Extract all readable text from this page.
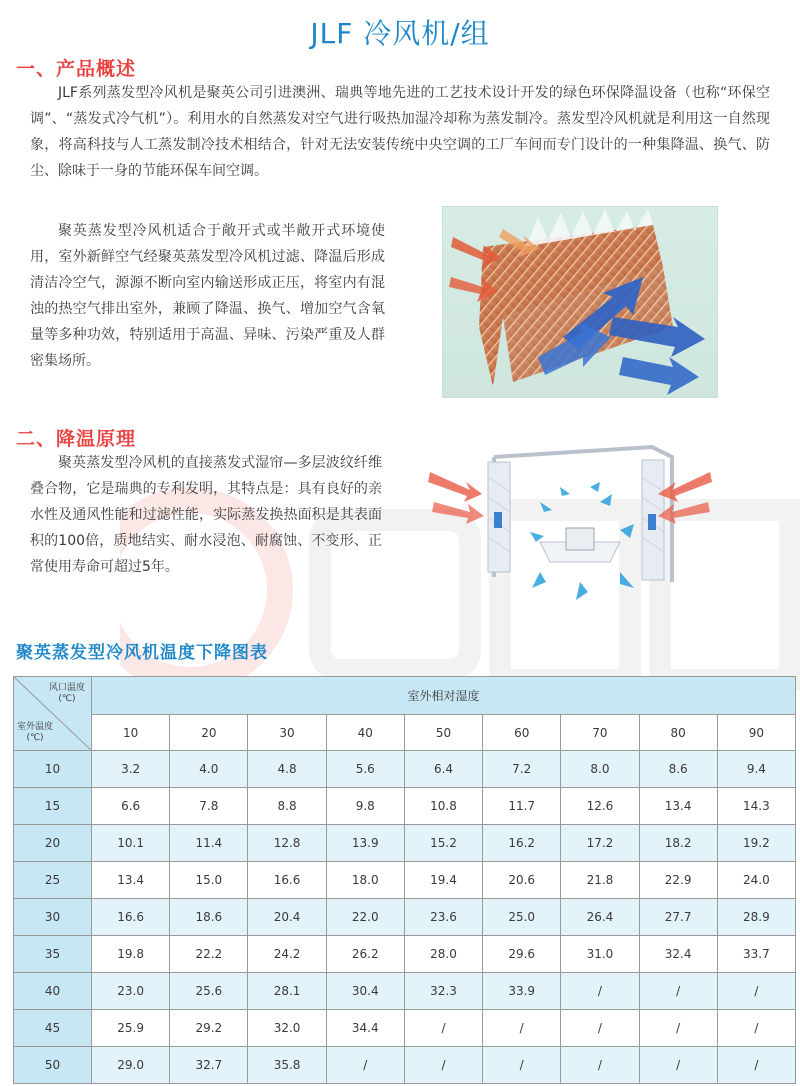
JLF 冷风机/组
一、产品概述

JLF系列蒸发型冷风机是聚英公司引进澳洲、瑞典等地先进的工艺技术设计开发的绿色环保降温设备（也称“环保空调”、“蒸发式冷气机”）。利用水的自然蒸发对空气进行吸热加湿冷却称为蒸发制冷。蒸发型冷风机就是利用这一自然现象，将高科技与人工蒸发制冷技术相结合，针对无法安装传统中央空调的工厂车间而专门设计的一种集降温、换气、防尘、除味于一身的节能环保车间空调。

聚英蒸发型冷风机适合于敞开式或半敞开式环境使用，室外新鲜空气经聚英蒸发型冷风机过滤、降温后形成清洁冷空气，源源不断向室内输送形成正压，将室内有混浊的热空气排出室外，兼顾了降温、换气、增加空气含氧量等多种功效，特别适用于高温、异味、污染严重及人群密集场所。

二、降温原理

聚英蒸发型冷风机的直接蒸发式湿帘—多层波纹纤维叠合物，它是瑞典的专利发明，其特点是：具有良好的亲水性及通风性能和过滤性能，实际蒸发换热面积是其表面积的100倍，质地结实、耐水浸泡、耐腐蚀、不变形、正常使用寿命可超过5年。

聚英蒸发型冷风机温度下降图表
风口温度
(℃)
室外温度
(℃)	室外相对湿度								
	10	20	30	40	50	60	70	80	90
10	3.2	4.0	4.8	5.6	6.4	7.2	8.0	8.6	9.4
15	6.6	7.8	8.8	9.8	10.8	11.7	12.6	13.4	14.3
20	10.1	11.4	12.8	13.9	15.2	16.2	17.2	18.2	19.2
25	13.4	15.0	16.6	18.0	19.4	20.6	21.8	22.9	24.0
30	16.6	18.6	20.4	22.0	23.6	25.0	26.4	27.7	28.9
35	19.8	22.2	24.2	26.2	28.0	29.6	31.0	32.4	33.7
40	23.0	25.6	28.1	30.4	32.3	33.9	/	/	/
45	25.9	29.2	32.0	34.4	/	/	/	/	/
50	29.0	32.7	35.8	/	/	/	/	/	/
